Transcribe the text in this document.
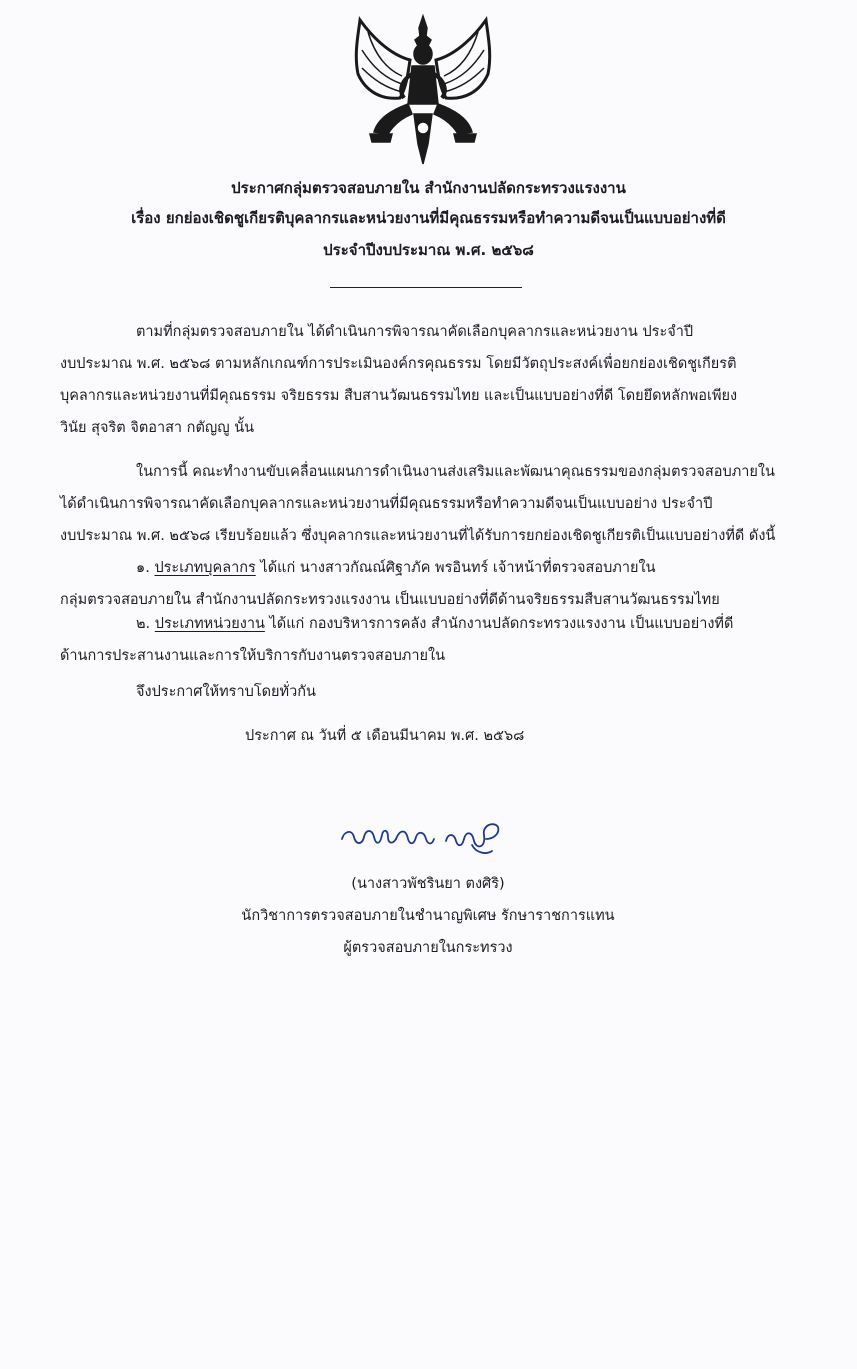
ประกาศกลุ่มตรวจสอบภายใน สำนักงานปลัดกระทรวงแรงงาน
เรื่อง ยกย่องเชิดชูเกียรติบุคลากรและหน่วยงานที่มีคุณธรรมหรือทำความดีจนเป็นแบบอย่างที่ดี
ประจำปีงบประมาณ พ.ศ. ๒๕๖๘
ตามที่กลุ่มตรวจสอบภายใน ได้ดำเนินการพิจารณาคัดเลือกบุคลากรและหน่วยงาน ประจำปี
งบประมาณ พ.ศ. ๒๕๖๘ ตามหลักเกณฑ์การประเมินองค์กรคุณธรรม โดยมีวัตถุประสงค์เพื่อยกย่องเชิดชูเกียรติ
บุคลากรและหน่วยงานที่มีคุณธรรม จริยธรรม สืบสานวัฒนธรรมไทย และเป็นแบบอย่างที่ดี โดยยึดหลักพอเพียง
วินัย สุจริต จิตอาสา กตัญญู นั้น
ในการนี้ คณะทำงานขับเคลื่อนแผนการดำเนินงานส่งเสริมและพัฒนาคุณธรรมของกลุ่มตรวจสอบภายใน
ได้ดำเนินการพิจารณาคัดเลือกบุคลากรและหน่วยงานที่มีคุณธรรมหรือทำความดีจนเป็นแบบอย่าง ประจำปี
งบประมาณ พ.ศ. ๒๕๖๘ เรียบร้อยแล้ว ซึ่งบุคลากรและหน่วยงานที่ได้รับการยกย่องเชิดชูเกียรติเป็นแบบอย่างที่ดี ดังนี้
๑. ประเภทบุคลากร ได้แก่ นางสาวกัณณ์ศิฐาภัค พรอินทร์ เจ้าหน้าที่ตรวจสอบภายใน
กลุ่มตรวจสอบภายใน สำนักงานปลัดกระทรวงแรงงาน เป็นแบบอย่างที่ดีด้านจริยธรรมสืบสานวัฒนธรรมไทย
๒. ประเภทหน่วยงาน ได้แก่ กองบริหารการคลัง สำนักงานปลัดกระทรวงแรงงาน เป็นแบบอย่างที่ดี
ด้านการประสานงานและการให้บริการกับงานตรวจสอบภายใน
จึงประกาศให้ทราบโดยทั่วกัน
ประกาศ ณ วันที่ ๕ เดือนมีนาคม พ.ศ. ๒๕๖๘
(นางสาวพัชรินยา ตงศิริ)
นักวิชาการตรวจสอบภายในชำนาญพิเศษ รักษาราชการแทน
ผู้ตรวจสอบภายในกระทรวง
